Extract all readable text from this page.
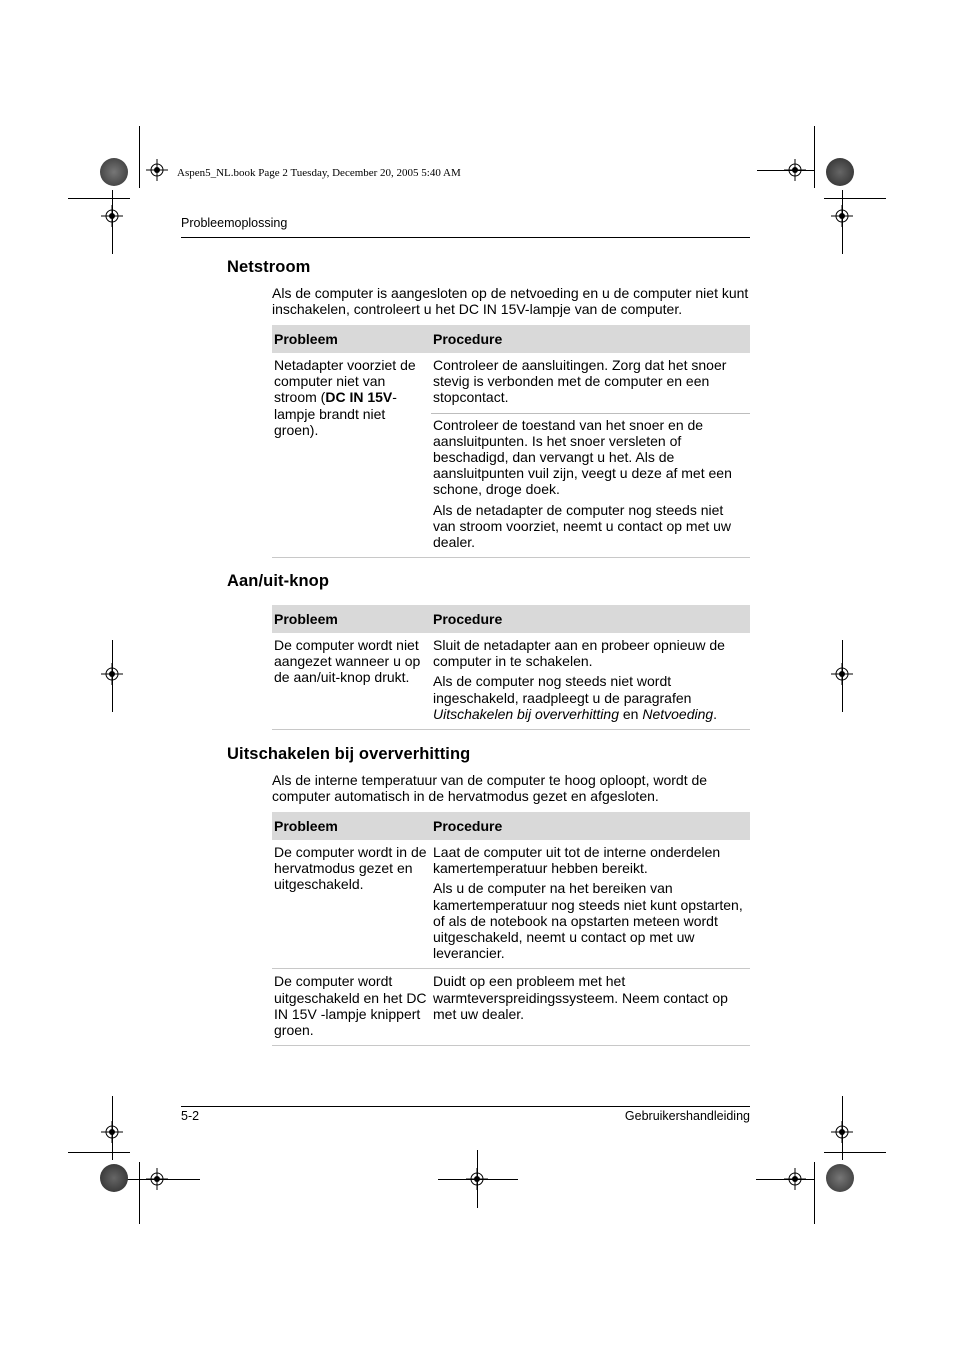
Aspen5_NL.book Page 2 Tuesday, December 20, 2005 5:40 AM
Probleemoplossing
Netstroom

Als de computer is aangesloten op de netvoeding en u de computer niet kunt inschakelen, controleert u het DC IN 15V-lampje van de computer.

Probleem	Procedure
Netadapter voorziet de computer niet van stroom (DC IN 15V-lampje brandt niet groen).	Controleer de aansluitingen. Zorg dat het snoer stevig is verbonden met de computer en een stopcontact.

Controleer de toestand van het snoer en de aansluitpunten. Is het snoer versleten of beschadigd, dan vervangt u het. Als de aansluitpunten vuil zijn, veegt u deze af met een schone, droge doek.

Als de netadapter de computer nog steeds niet van stroom voorziet, neemt u contact op met uw dealer.

Aan/uit-knop
Probleem	Procedure
De computer wordt niet aangezet wanneer u op de aan/uit-knop drukt.	Sluit de netadapter aan en probeer opnieuw de computer in te schakelen.

Als de computer nog steeds niet wordt ingeschakeld, raadpleegt u de paragrafen Uitschakelen bij oververhitting en Netvoeding.

Uitschakelen bij oververhitting

Als de interne temperatuur van de computer te hoog oploopt, wordt de computer automatisch in de hervatmodus gezet en afgesloten.

Probleem	Procedure
De computer wordt in de hervatmodus gezet en uitgeschakeld.	Laat de computer uit tot de interne onderdelen kamertemperatuur hebben bereikt.

Als u de computer na het bereiken van kamertemperatuur nog steeds niet kunt opstarten, of als de notebook na opstarten meteen wordt uitgeschakeld, neemt u contact op met uw leverancier.

De computer wordt uitgeschakeld en het DC IN 15V -lampje knippert groen.	Duidt op een probleem met het warmteverspreidingssysteem. Neem contact op met uw dealer.
5-2	Gebruikershandleiding
